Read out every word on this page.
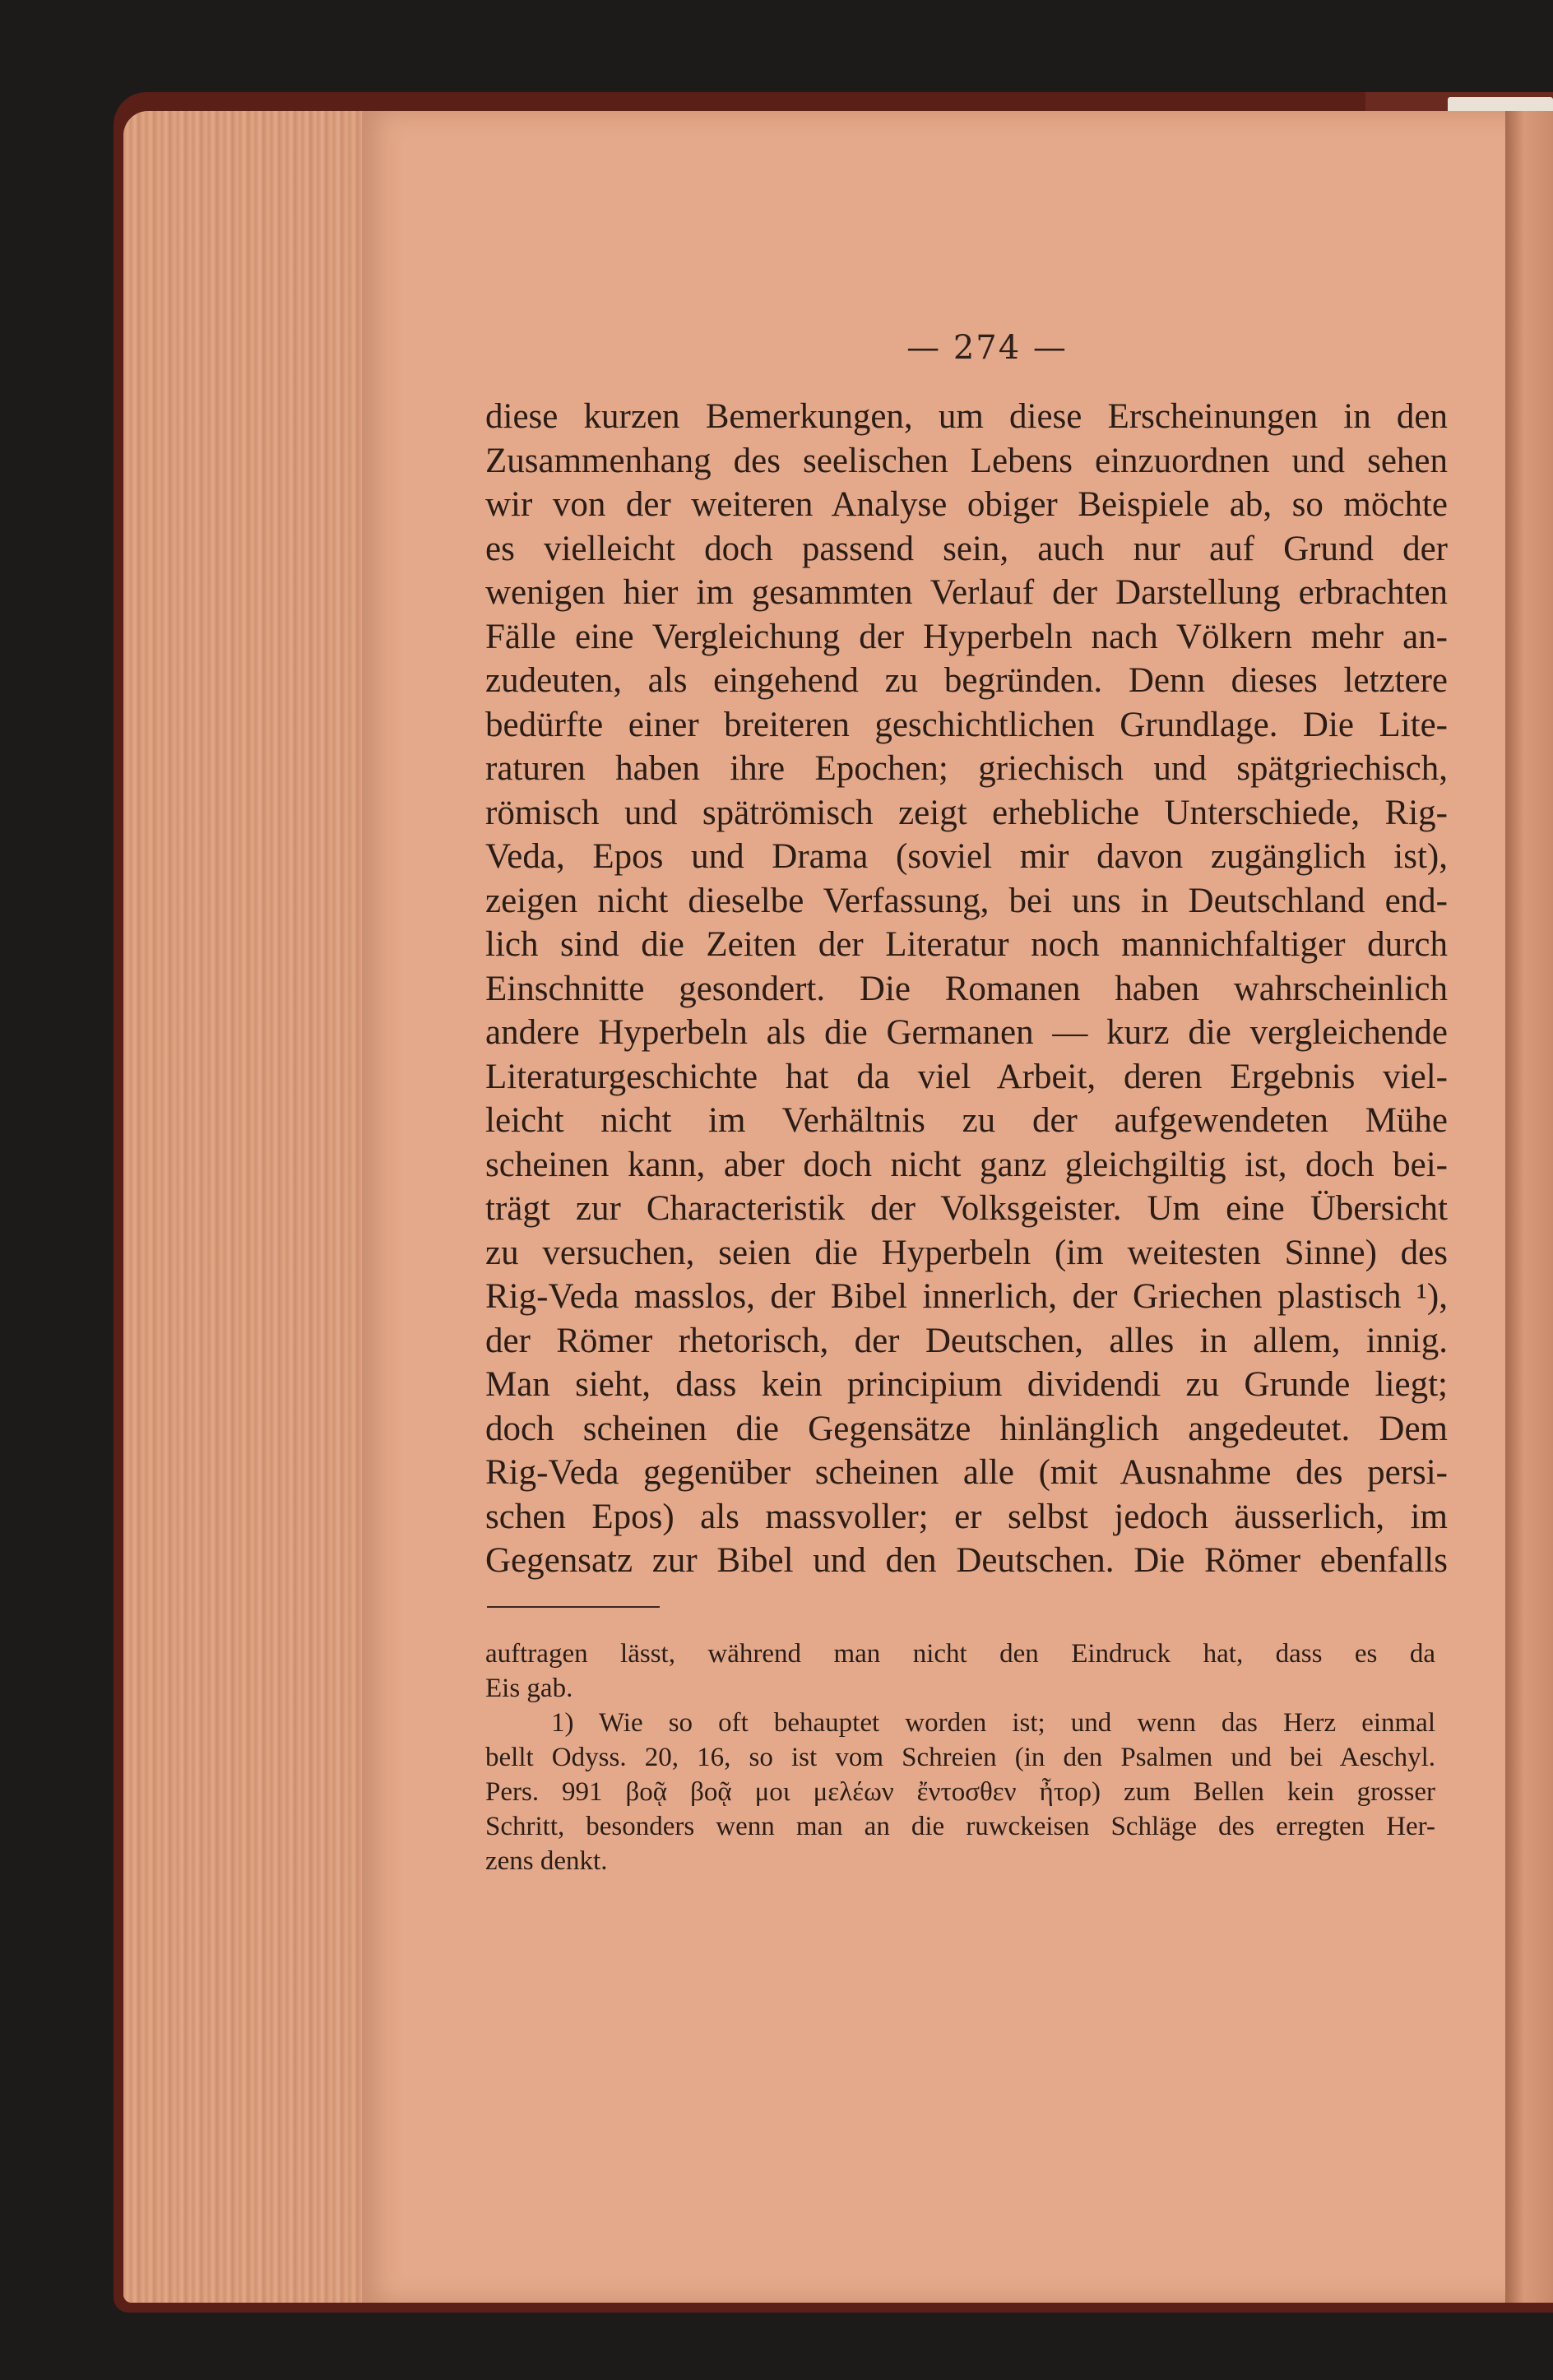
— 274 —
diese kurzen Bemerkungen, um diese Erscheinungen in den
Zusammenhang des seelischen Lebens einzuordnen und sehen
wir von der weiteren Analyse obiger Beispiele ab, so möchte
es vielleicht doch passend sein, auch nur auf Grund der
wenigen hier im gesammten Verlauf der Darstellung erbrachten
Fälle eine Vergleichung der Hyperbeln nach Völkern mehr an-
zudeuten, als eingehend zu begründen. Denn dieses letztere
bedürfte einer breiteren geschichtlichen Grundlage. Die Lite-
raturen haben ihre Epochen; griechisch und spätgriechisch,
römisch und spätrömisch zeigt erhebliche Unterschiede, Rig-
Veda, Epos und Drama (soviel mir davon zugänglich ist),
zeigen nicht dieselbe Verfassung, bei uns in Deutschland end-
lich sind die Zeiten der Literatur noch mannichfaltiger durch
Einschnitte gesondert. Die Romanen haben wahrscheinlich
andere Hyperbeln als die Germanen — kurz die vergleichende
Literaturgeschichte hat da viel Arbeit, deren Ergebnis viel-
leicht nicht im Verhältnis zu der aufgewendeten Mühe
scheinen kann, aber doch nicht ganz gleichgiltig ist, doch bei-
trägt zur Characteristik der Volksgeister. Um eine Übersicht
zu versuchen, seien die Hyperbeln (im weitesten Sinne) des
Rig-Veda masslos, der Bibel innerlich, der Griechen plastisch ¹),
der Römer rhetorisch, der Deutschen, alles in allem, innig.
Man sieht, dass kein principium dividendi zu Grunde liegt;
doch scheinen die Gegensätze hinlänglich angedeutet. Dem
Rig-Veda gegenüber scheinen alle (mit Ausnahme des persi-
schen Epos) als massvoller; er selbst jedoch äusserlich, im
Gegensatz zur Bibel und den Deutschen. Die Römer ebenfalls
auftragen lässt, während man nicht den Eindruck hat, dass es da
Eis gab.
1) Wie so oft behauptet worden ist; und wenn das Herz einmal
bellt Odyss. 20, 16, so ist vom Schreien (in den Psalmen und bei Aeschyl.
Pers. 991 βοᾷ βοᾷ μοι μελέων ἔντοσθεν ἦτορ) zum Bellen kein grosser
Schritt, besonders wenn man an die ruwckeisen Schläge des erregten Her-
zens denkt.
